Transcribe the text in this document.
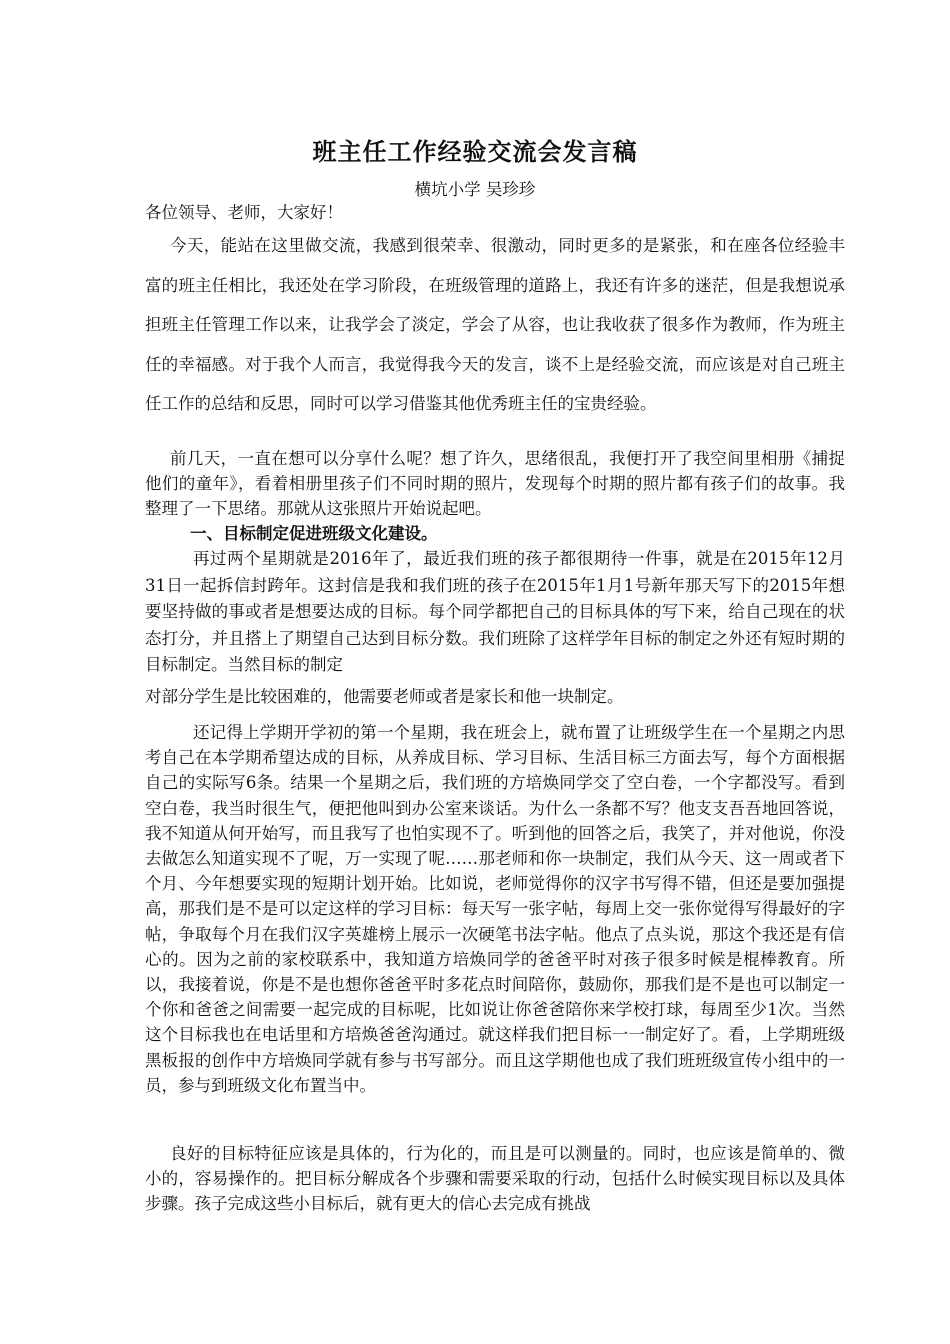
班主任工作经验交流会发言稿
横坑小学 吴珍珍

各位领导、老师，大家好！

今天，能站在这里做交流，我感到很荣幸、很激动，同时更多的是紧张，和在座各位经验丰富的班主任相比，我还处在学习阶段，在班级管理的道路上，我还有许多的迷茫，但是我想说承担班主任管理工作以来，让我学会了淡定，学会了从容，也让我收获了很多作为教师，作为班主任的幸福感。对于我个人而言，我觉得我今天的发言，谈不上是经验交流，而应该是对自己班主任工作的总结和反思，同时可以学习借鉴其他优秀班主任的宝贵经验。

前几天，一直在想可以分享什么呢？想了许久，思绪很乱，我便打开了我空间里相册《捕捉他们的童年》，看着相册里孩子们不同时期的照片，发现每个时期的照片都有孩子们的故事。我整理了一下思绪。那就从这张照片开始说起吧。

一、目标制定促进班级文化建设。

再过两个星期就是2016年了，最近我们班的孩子都很期待一件事，就是在2015年12月31日一起拆信封跨年。这封信是我和我们班的孩子在2015年1月1号新年那天写下的2015年想要坚持做的事或者是想要达成的目标。每个同学都把自己的目标具体的写下来，给自己现在的状态打分，并且搭上了期望自己达到目标分数。我们班除了这样学年目标的制定之外还有短时期的目标制定。当然目标的制定

对部分学生是比较困难的，他需要老师或者是家长和他一块制定。

还记得上学期开学初的第一个星期，我在班会上，就布置了让班级学生在一个星期之内思考自己在本学期希望达成的目标，从养成目标、学习目标、生活目标三方面去写，每个方面根据自己的实际写6条。结果一个星期之后，我们班的方培焕同学交了空白卷，一个字都没写。看到空白卷，我当时很生气，便把他叫到办公室来谈话。为什么一条都不写？他支支吾吾地回答说，我不知道从何开始写，而且我写了也怕实现不了。听到他的回答之后，我笑了，并对他说，你没去做怎么知道实现不了呢，万一实现了呢……那老师和你一块制定，我们从今天、这一周或者下个月、今年想要实现的短期计划开始。比如说，老师觉得你的汉字书写得不错，但还是要加强提高，那我们是不是可以定这样的学习目标：每天写一张字帖，每周上交一张你觉得写得最好的字帖，争取每个月在我们汉字英雄榜上展示一次硬笔书法字帖。他点了点头说，那这个我还是有信心的。因为之前的家校联系中，我知道方培焕同学的爸爸平时对孩子很多时候是棍棒教育。所以，我接着说，你是不是也想你爸爸平时多花点时间陪你，鼓励你，那我们是不是也可以制定一个你和爸爸之间需要一起完成的目标呢，比如说让你爸爸陪你来学校打球，每周至少1次。当然这个目标我也在电话里和方培焕爸爸沟通过。就这样我们把目标一一制定好了。看，上学期班级黑板报的创作中方培焕同学就有参与书写部分。而且这学期他也成了我们班班级宣传小组中的一员，参与到班级文化布置当中。

良好的目标特征应该是具体的，行为化的，而且是可以测量的。同时，也应该是简单的、微小的，容易操作的。把目标分解成各个步骤和需要采取的行动，包括什么时候实现目标以及具体步骤。孩子完成这些小目标后，就有更大的信心去完成有挑战
